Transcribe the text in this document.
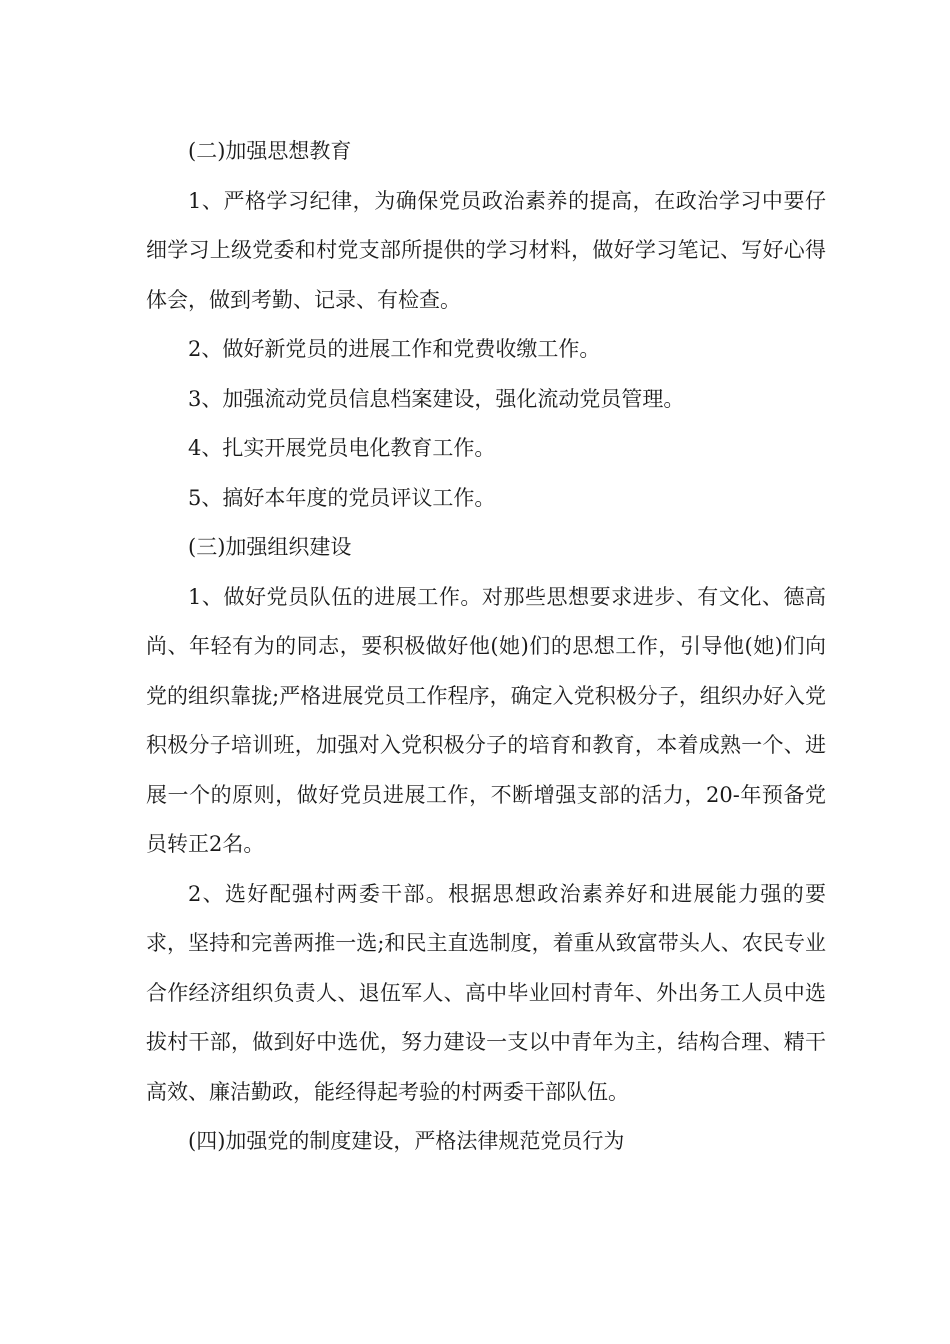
(二)加强思想教育

1、严格学习纪律，为确保党员政治素养的提高，在政治学习中要仔细学习上级党委和村党支部所提供的学习材料，做好学习笔记、写好心得体会，做到考勤、记录、有检查。

2、做好新党员的进展工作和党费收缴工作。

3、加强流动党员信息档案建设，强化流动党员管理。

4、扎实开展党员电化教育工作。

5、搞好本年度的党员评议工作。

(三)加强组织建设

1、做好党员队伍的进展工作。对那些思想要求进步、有文化、德高尚、年轻有为的同志，要积极做好他(她)们的思想工作，引导他(她)们向党的组织靠拢;严格进展党员工作程序，确定入党积极分子，组织办好入党积极分子培训班，加强对入党积极分子的培育和教育，本着成熟一个、进展一个的原则，做好党员进展工作，不断增强支部的活力，20-年预备党员转正2名。

2、选好配强村两委干部。根据思想政治素养好和进展能力强的要求，坚持和完善两推一选;和民主直选制度，着重从致富带头人、农民专业合作经济组织负责人、退伍军人、高中毕业回村青年、外出务工人员中选拔村干部，做到好中选优，努力建设一支以中青年为主，结构合理、精干高效、廉洁勤政，能经得起考验的村两委干部队伍。

(四)加强党的制度建设，严格法律规范党员行为
